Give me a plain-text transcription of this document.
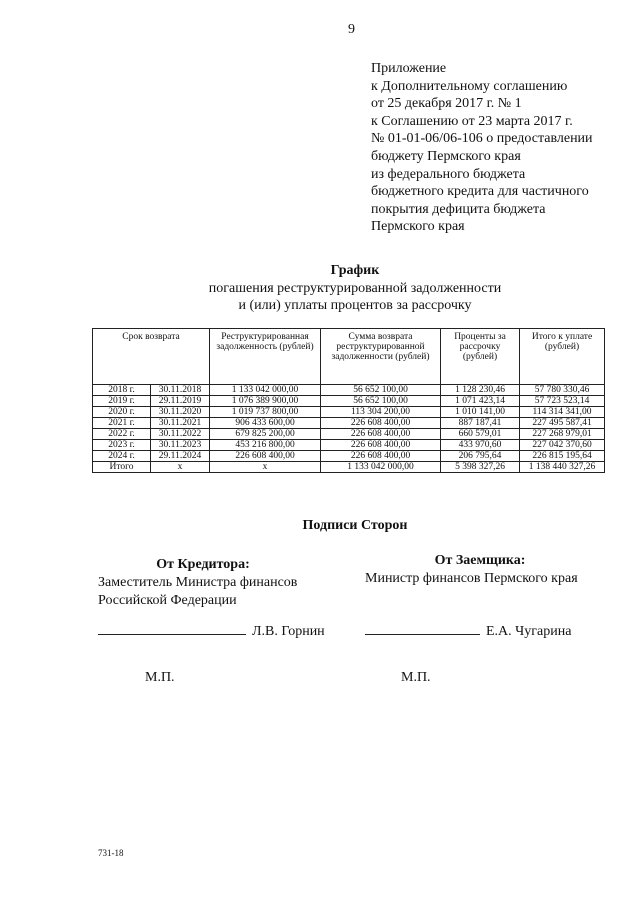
9
Приложение
к Дополнительному соглашению
от 25 декабря 2017 г. № 1
к Соглашению от 23 марта 2017 г.
№ 01-01-06/06-106 о предоставлении
бюджету Пермского края
из федерального бюджета
бюджетного кредита для частичного
покрытия дефицита бюджета
Пермского края
График
погашения реструктурированной задолженности
и (или) уплаты процентов за рассрочку
Срок возврата		Реструктурированная задолженность (рублей)	Сумма возврата реструктурированной задолженности (рублей)	Проценты за рассрочку (рублей)	Итого к уплате (рублей)
2018 г.	30.11.2018	1 133 042 000,00	56 652 100,00	1 128 230,46	57 780 330,46
2019 г.	29.11.2019	1 076 389 900,00	56 652 100,00	1 071 423,14	57 723 523,14
2020 г.	30.11.2020	1 019 737 800,00	113 304 200,00	1 010 141,00	114 314 341,00
2021 г.	30.11.2021	906 433 600,00	226 608 400,00	887 187,41	227 495 587,41
2022 г.	30.11.2022	679 825 200,00	226 608 400,00	660 579,01	227 268 979,01
2023 г.	30.11.2023	453 216 800,00	226 608 400,00	433 970,60	227 042 370,60
2024 г.	29.11.2024	226 608 400,00	226 608 400,00	206 795,64	226 815 195,64
Итого	x	x	1 133 042 000,00	5 398 327,26	1 138 440 327,26
Подписи Сторон
От Кредитора:
Заместитель Министра финансов
Российской Федерации
От Заемщика:
Министр финансов Пермского края
Л.В. Горнин	Е.А. Чугарина
М.П.	М.П.
731-18
